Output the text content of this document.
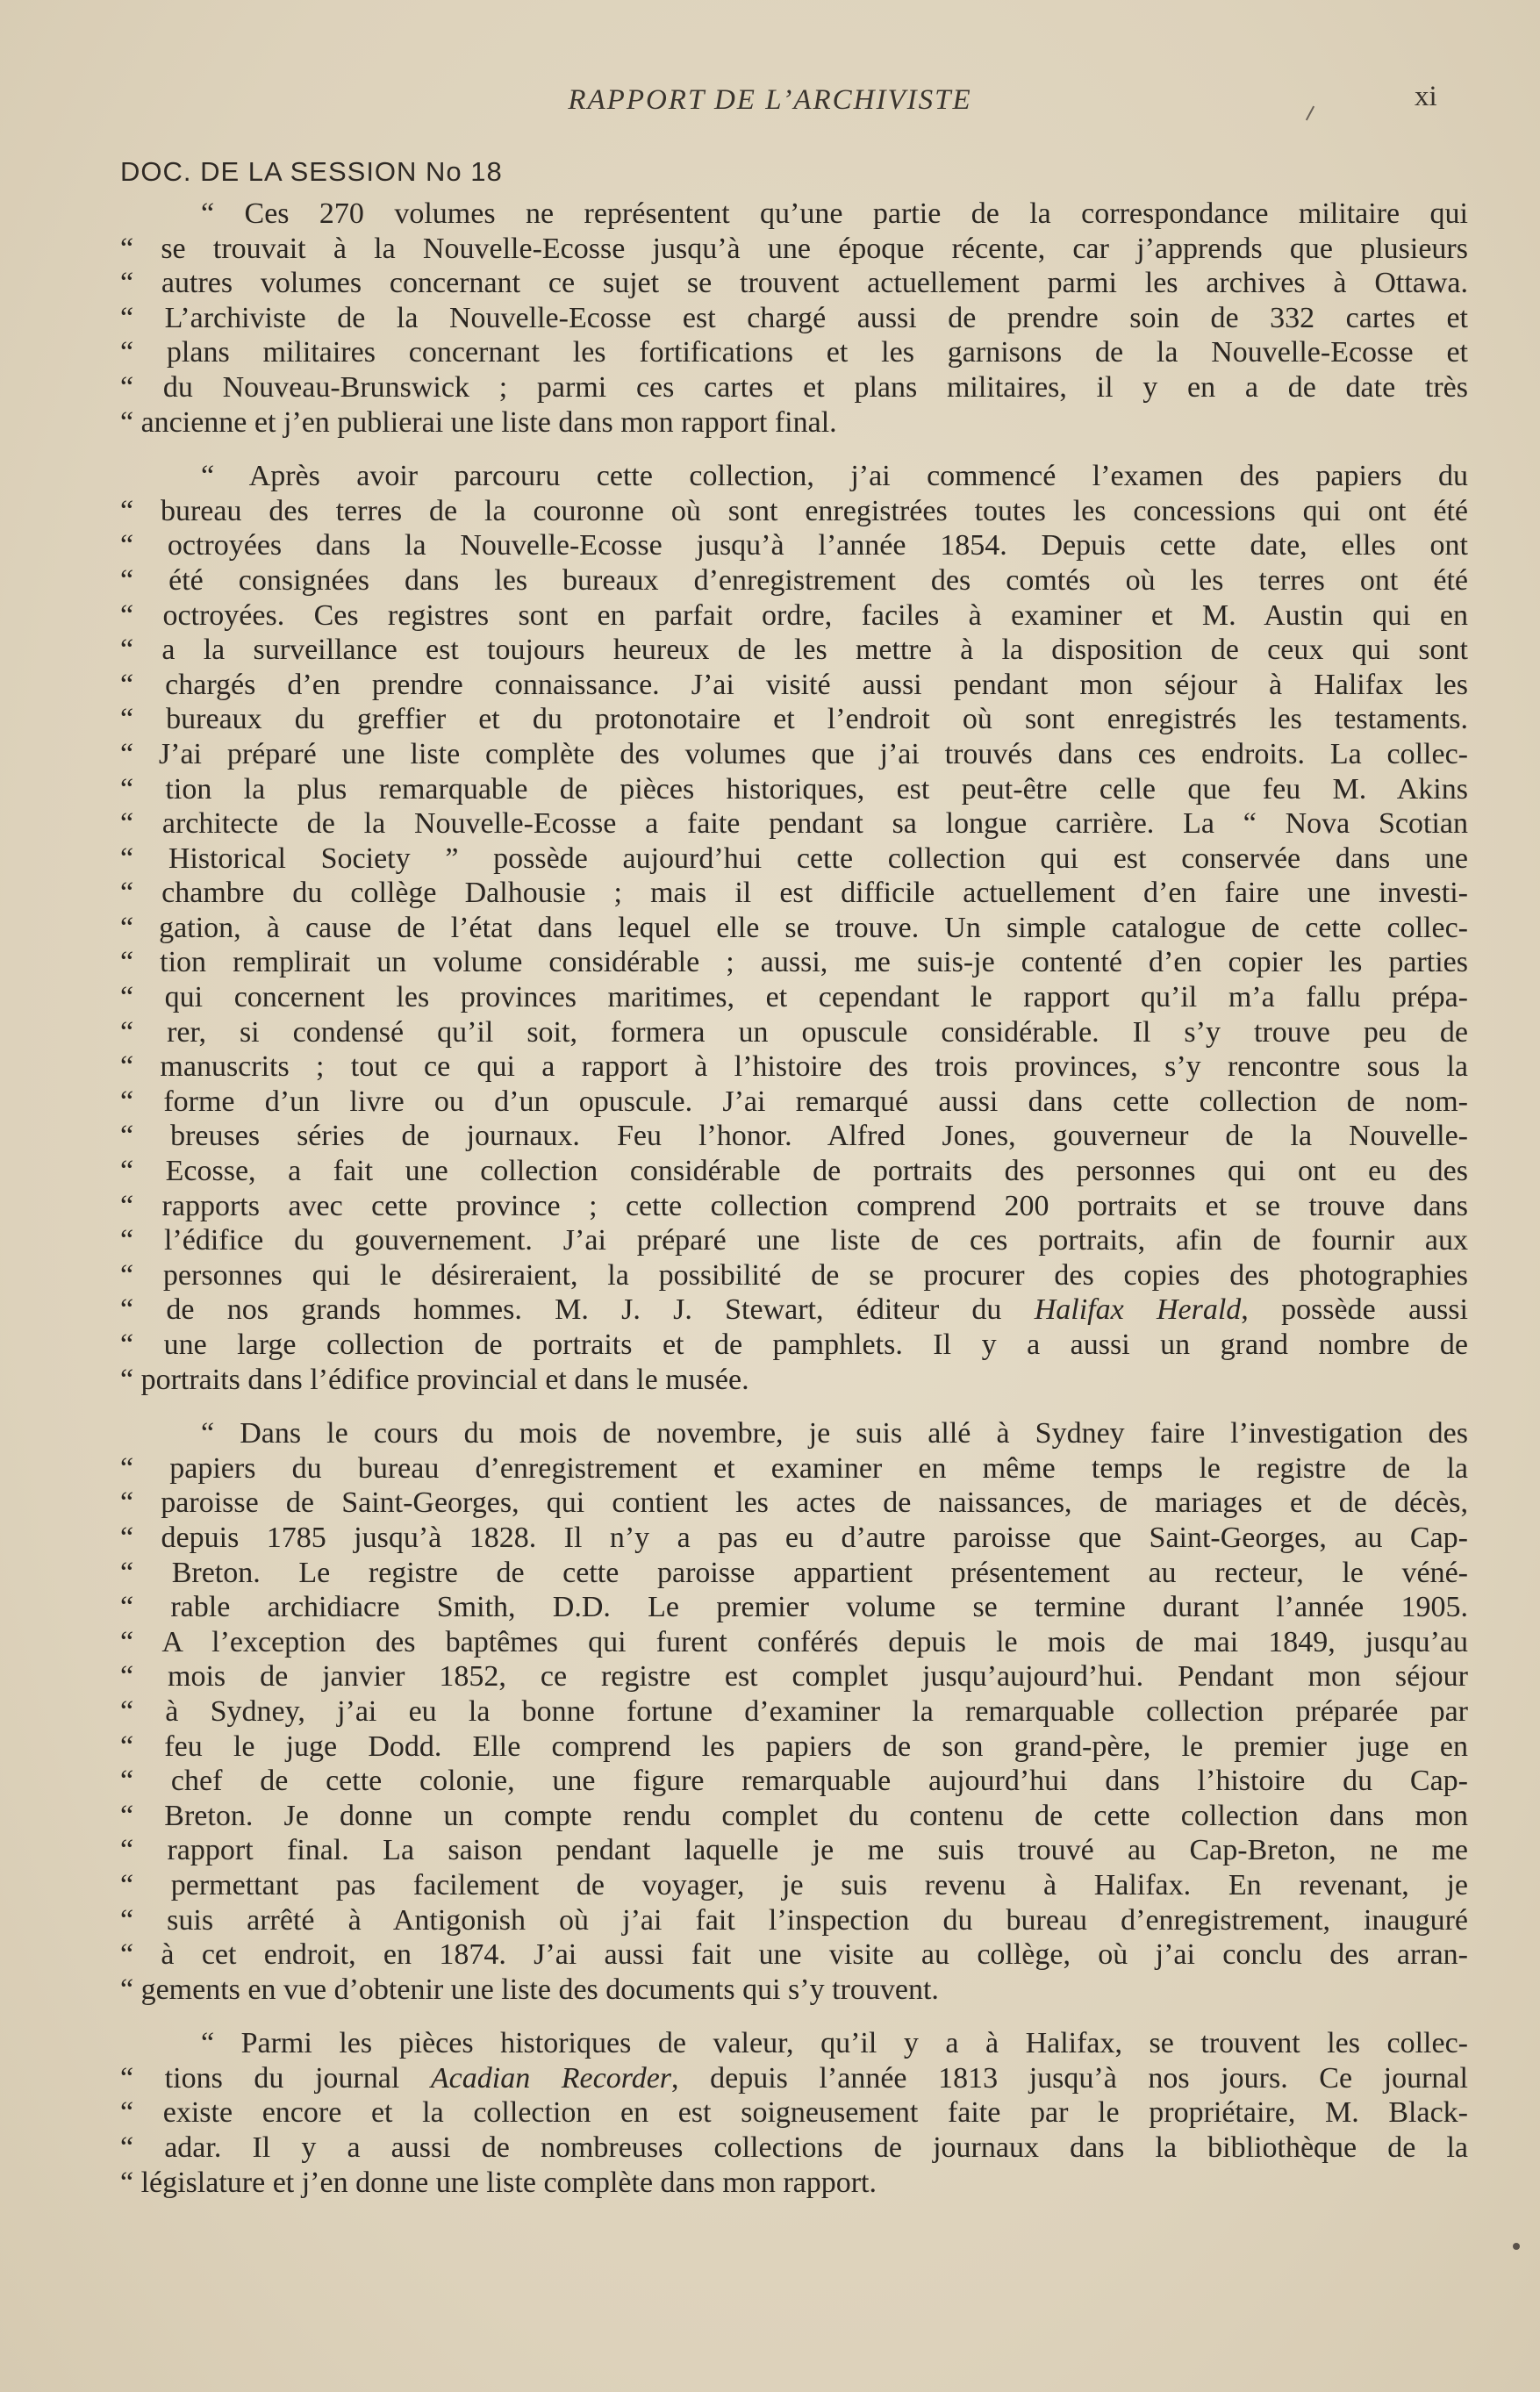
RAPPORT DE L’ARCHIVISTE	xi
DOC. DE LA SESSION No 18
“ Ces 270 volumes ne représentent qu’une partie de la correspondance militaire qui
“ se trouvait à la Nouvelle-Ecosse jusqu’à une époque récente, car j’apprends que plusieurs
“ autres volumes concernant ce sujet se trouvent actuellement parmi les archives à Ottawa.
“ L’archiviste de la Nouvelle-Ecosse est chargé aussi de prendre soin de 332 cartes et
“ plans militaires concernant les fortifications et les garnisons de la Nouvelle-Ecosse et
“ du Nouveau-Brunswick ; parmi ces cartes et plans militaires, il y en a de date très
“ ancienne et j’en publierai une liste dans mon rapport final.
“ Après avoir parcouru cette collection, j’ai commencé l’examen des papiers du
“ bureau des terres de la couronne où sont enregistrées toutes les concessions qui ont été
“ octroyées dans la Nouvelle-Ecosse jusqu’à l’année 1854. Depuis cette date, elles ont
“ été consignées dans les bureaux d’enregistrement des comtés où les terres ont été
“ octroyées. Ces registres sont en parfait ordre, faciles à examiner et M. Austin qui en
“ a la surveillance est toujours heureux de les mettre à la disposition de ceux qui sont
“ chargés d’en prendre connaissance. J’ai visité aussi pendant mon séjour à Halifax les
“ bureaux du greffier et du protonotaire et l’endroit où sont enregistrés les testaments.
“ J’ai préparé une liste complète des volumes que j’ai trouvés dans ces endroits. La collec-
“ tion la plus remarquable de pièces historiques, est peut-être celle que feu M. Akins
“ architecte de la Nouvelle-Ecosse a faite pendant sa longue carrière. La “ Nova Scotian
“ Historical Society ” possède aujourd’hui cette collection qui est conservée dans une
“ chambre du collège Dalhousie ; mais il est difficile actuellement d’en faire une investi-
“ gation, à cause de l’état dans lequel elle se trouve. Un simple catalogue de cette collec-
“ tion remplirait un volume considérable ; aussi, me suis-je contenté d’en copier les parties
“ qui concernent les provinces maritimes, et cependant le rapport qu’il m’a fallu prépa-
“ rer, si condensé qu’il soit, formera un opuscule considérable. Il s’y trouve peu de
“ manuscrits ; tout ce qui a rapport à l’histoire des trois provinces, s’y rencontre sous la
“ forme d’un livre ou d’un opuscule. J’ai remarqué aussi dans cette collection de nom-
“ breuses séries de journaux. Feu l’honor. Alfred Jones, gouverneur de la Nouvelle-
“ Ecosse, a fait une collection considérable de portraits des personnes qui ont eu des
“ rapports avec cette province ; cette collection comprend 200 portraits et se trouve dans
“ l’édifice du gouvernement. J’ai préparé une liste de ces portraits, afin de fournir aux
“ personnes qui le désireraient, la possibilité de se procurer des copies des photographies
“ de nos grands hommes. M. J. J. Stewart, éditeur du Halifax Herald, possède aussi
“ une large collection de portraits et de pamphlets. Il y a aussi un grand nombre de
“ portraits dans l’édifice provincial et dans le musée.
“ Dans le cours du mois de novembre, je suis allé à Sydney faire l’investigation des
“ papiers du bureau d’enregistrement et examiner en même temps le registre de la
“ paroisse de Saint-Georges, qui contient les actes de naissances, de mariages et de décès,
“ depuis 1785 jusqu’à 1828. Il n’y a pas eu d’autre paroisse que Saint-Georges, au Cap-
“ Breton. Le registre de cette paroisse appartient présentement au recteur, le véné-
“ rable archidiacre Smith, D.D. Le premier volume se termine durant l’année 1905.
“ A l’exception des baptêmes qui furent conférés depuis le mois de mai 1849, jusqu’au
“ mois de janvier 1852, ce registre est complet jusqu’aujourd’hui. Pendant mon séjour
“ à Sydney, j’ai eu la bonne fortune d’examiner la remarquable collection préparée par
“ feu le juge Dodd. Elle comprend les papiers de son grand-père, le premier juge en
“ chef de cette colonie, une figure remarquable aujourd’hui dans l’histoire du Cap-
“ Breton. Je donne un compte rendu complet du contenu de cette collection dans mon
“ rapport final. La saison pendant laquelle je me suis trouvé au Cap-Breton, ne me
“ permettant pas facilement de voyager, je suis revenu à Halifax. En revenant, je
“ suis arrêté à Antigonish où j’ai fait l’inspection du bureau d’enregistrement, inauguré
“ à cet endroit, en 1874. J’ai aussi fait une visite au collège, où j’ai conclu des arran-
“ gements en vue d’obtenir une liste des documents qui s’y trouvent.
“ Parmi les pièces historiques de valeur, qu’il y a à Halifax, se trouvent les collec-
“ tions du journal Acadian Recorder, depuis l’année 1813 jusqu’à nos jours. Ce journal
“ existe encore et la collection en est soigneusement faite par le propriétaire, M. Black-
“ adar. Il y a aussi de nombreuses collections de journaux dans la bibliothèque de la
“ législature et j’en donne une liste complète dans mon rapport.
